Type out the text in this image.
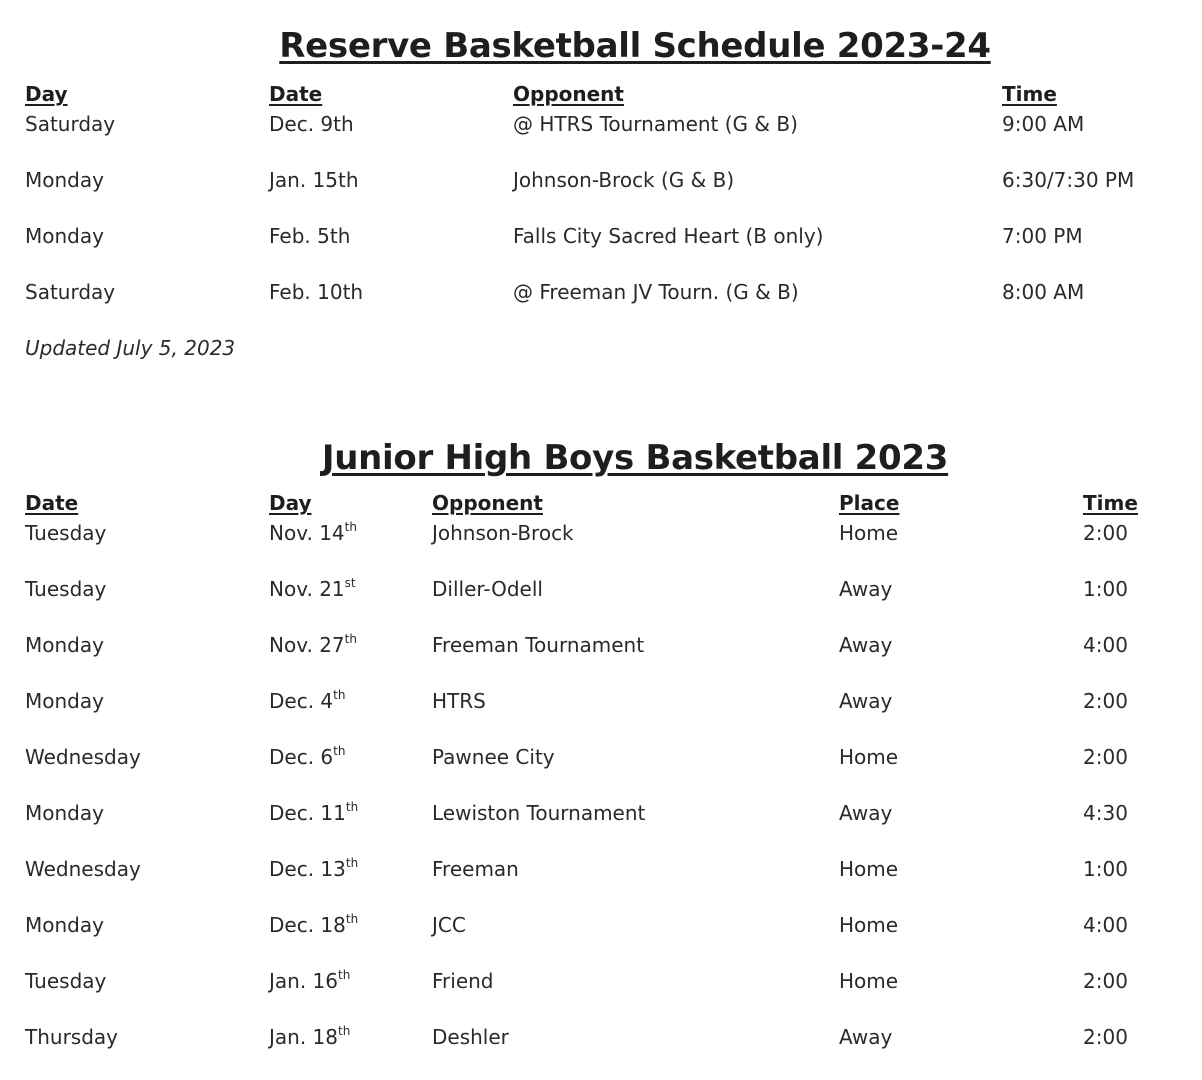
Reserve Basketball Schedule 2023-24
Day	Date	Opponent	Time
Saturday	Dec. 9th	@ HTRS Tournament (G & B)	9:00 AM
Monday	Jan. 15th	Johnson-Brock (G & B)	6:30/7:30 PM
Monday	Feb. 5th	Falls City Sacred Heart (B only)	7:00 PM
Saturday	Feb. 10th	@ Freeman JV Tourn. (G & B)	8:00 AM
Updated July 5, 2023
Junior High Boys Basketball 2023
Date	Day	Opponent	Place	Time
Tuesday	Nov. 14th	Johnson-Brock	Home	2:00
Tuesday	Nov. 21st	Diller-Odell	Away	1:00
Monday	Nov. 27th	Freeman Tournament	Away	4:00
Monday	Dec. 4th	HTRS	Away	2:00
Wednesday	Dec. 6th	Pawnee City	Home	2:00
Monday	Dec. 11th	Lewiston Tournament	Away	4:30
Wednesday	Dec. 13th	Freeman	Home	1:00
Monday	Dec. 18th	JCC	Home	4:00
Tuesday	Jan. 16th	Friend	Home	2:00
Thursday	Jan. 18th	Deshler	Away	2:00
